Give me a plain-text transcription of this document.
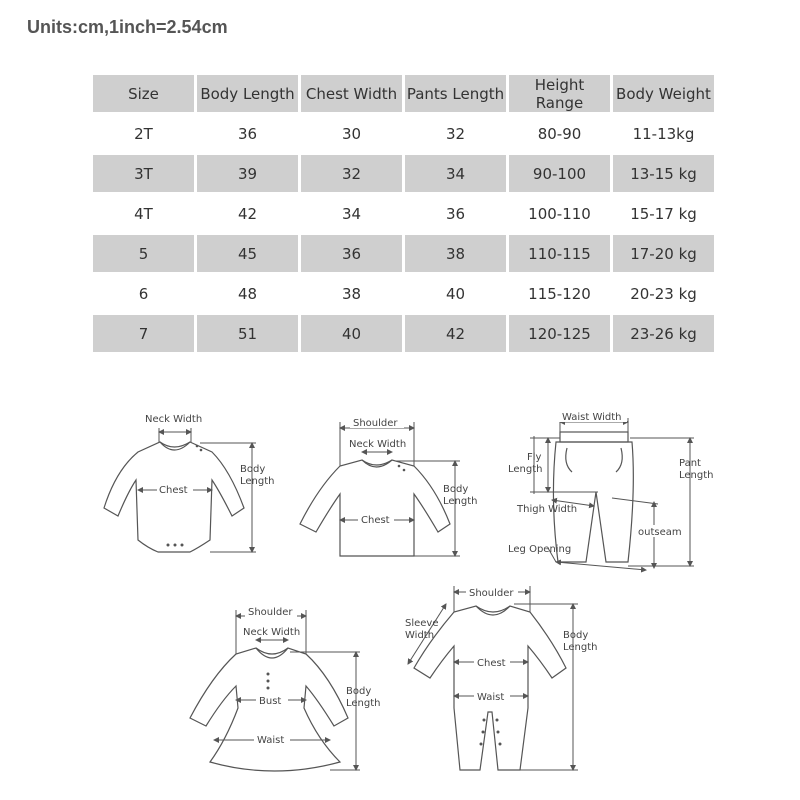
Units:cm,1inch=2.54cm
Size	Body Length	Chest Width	Pants Length	Height Range	Body Weight
2T	36	30	32	80-90	11-13kg
3T	39	32	34	90-100	13-15 kg
4T	42	34	36	100-110	15-17 kg
5	45	36	38	110-115	17-20 kg
6	48	38	40	115-120	20-23 kg
7	51	40	42	120-125	23-26 kg
Neck Width
Chest
Body
Length
Shoulder
Neck Width
Chest
Body
Length
Waist Width
Fly
Length
Pant
Length
Thigh Width
outseam
Leg Opening
Shoulder
Neck Width
Bust
Waist
Body
Length
Shoulder
Sleeve
Width
Chest
Waist
Body
Length
